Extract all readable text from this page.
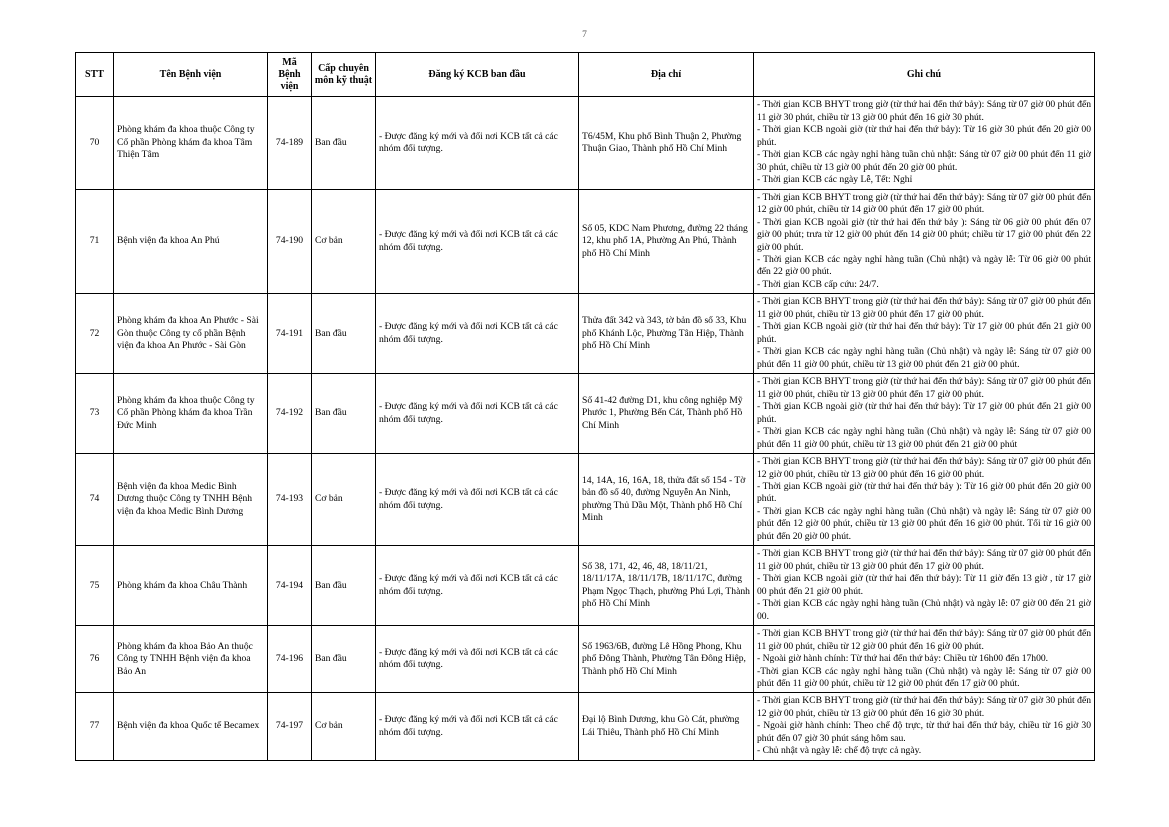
7
STT	Tên Bệnh viện	Mã Bệnh viện	Cấp chuyên môn kỹ thuật	Đăng ký KCB ban đầu	Địa chỉ	Ghi chú
70	Phòng khám đa khoa thuộc Công ty Cổ phần Phòng khám đa khoa Tâm Thiện Tâm	74-189	Ban đầu	- Được đăng ký mới và đổi nơi KCB tất cả các nhóm đối tượng.	T6/45M, Khu phố Bình Thuận 2, Phường Thuận Giao, Thành phố Hồ Chí Minh	- Thời gian KCB BHYT trong giờ (từ thứ hai đến thứ bảy): Sáng từ 07 giờ 00 phút đến 11 giờ 30 phút, chiều từ 13 giờ 00 phút đến 16 giờ 30 phút.
- Thời gian KCB ngoài giờ (từ thứ hai đến thứ bảy): Từ 16 giờ 30 phút đến 20 giờ 00 phút.
- Thời gian KCB các ngày nghỉ hàng tuần chủ nhật: Sáng từ 07 giờ 00 phút đến 11 giờ 30 phút, chiều từ 13 giờ 00 phút đến 20 giờ 00 phút.
- Thời gian KCB các ngày Lễ, Tết: Nghỉ

71	Bệnh viện đa khoa An Phú	74-190	Cơ bản	- Được đăng ký mới và đổi nơi KCB tất cả các nhóm đối tượng.	Số 05, KDC Nam Phương, đường 22 tháng 12, khu phố 1A, Phường An Phú, Thành phố Hồ Chí Minh	- Thời gian KCB BHYT trong giờ (từ thứ hai đến thứ bảy): Sáng từ 07 giờ 00 phút đến 12 giờ 00 phút, chiều từ 14 giờ 00 phút đến 17 giờ 00 phút.
- Thời gian KCB ngoài giờ (từ thứ hai đến thứ bảy ): Sáng từ 06 giờ 00 phút đến 07 giờ 00 phút; trưa từ 12 giờ 00 phút đến 14 giờ 00 phút; chiều từ 17 giờ 00 phút đến 22 giờ 00 phút.
- Thời gian KCB các ngày nghỉ hàng tuần (Chủ nhật) và ngày lễ: Từ 06 giờ 00 phút đến 22 giờ 00 phút.
- Thời gian KCB cấp cứu: 24/7.

72	Phòng khám đa khoa An Phước - Sài Gòn thuộc Công ty cổ phần Bệnh viện đa khoa An Phước - Sài Gòn	74-191	Ban đầu	- Được đăng ký mới và đổi nơi KCB tất cả các nhóm đối tượng.	Thửa đất 342 và 343, tờ bản đồ số 33, Khu phố Khánh Lộc, Phường Tân Hiệp, Thành phố Hồ Chí Minh	- Thời gian KCB BHYT trong giờ (từ thứ hai đến thứ bảy): Sáng từ 07 giờ 00 phút đến 11 giờ 00 phút, chiều từ 13 giờ 00 phút đến 17 giờ 00 phút.
- Thời gian KCB ngoài giờ (từ thứ hai đến thứ bảy): Từ 17 giờ 00 phút đến 21 giờ 00 phút.
- Thời gian KCB các ngày nghỉ hàng tuần (Chủ nhật) và ngày lễ: Sáng từ 07 giờ 00 phút đến 11 giờ 00 phút, chiều từ 13 giờ 00 phút đến 21 giờ 00 phút.

73	Phòng khám đa khoa thuộc Công ty Cổ phần Phòng khám đa khoa Trần Đức Minh	74-192	Ban đầu	- Được đăng ký mới và đổi nơi KCB tất cả các nhóm đối tượng.	Số 41-42 đường D1, khu công nghiệp Mỹ Phước 1, Phường Bến Cát, Thành phố Hồ Chí Minh	- Thời gian KCB BHYT trong giờ (từ thứ hai đến thứ bảy): Sáng từ 07 giờ 00 phút đến 11 giờ 00 phút, chiều từ 13 giờ 00 phút đến 17 giờ 00 phút.
- Thời gian KCB ngoài giờ (từ thứ hai đến thứ bảy): Từ 17 giờ 00 phút đến 21 giờ 00 phút.
- Thời gian KCB các ngày nghỉ hàng tuần (Chủ nhật) và ngày lễ: Sáng từ 07 giờ 00 phút đến 11 giờ 00 phút, chiều từ 13 giờ 00 phút đến 21 giờ 00 phút

74	Bệnh viện đa khoa Medic Bình Dương thuộc Công ty TNHH Bệnh viện đa khoa Medic Bình Dương	74-193	Cơ bản	- Được đăng ký mới và đổi nơi KCB tất cả các nhóm đối tượng.	14, 14A, 16, 16A, 18, thửa đất số 154 - Tờ bản đồ số 40, đường Nguyễn An Ninh, phường Thủ Dầu Một, Thành phố Hồ Chí Minh	- Thời gian KCB BHYT trong giờ (từ thứ hai đến thứ bảy): Sáng từ 07 giờ 00 phút đến 12 giờ 00 phút, chiều từ 13 giờ 00 phút đến 16 giờ 00 phút.
- Thời gian KCB ngoài giờ (từ thứ hai đến thứ bảy ): Từ 16 giờ 00 phút đến 20 giờ 00 phút.
- Thời gian KCB các ngày nghỉ hàng tuần (Chủ nhật) và ngày lễ: Sáng từ 07 giờ 00 phút đến 12 giờ 00 phút, chiều từ 13 giờ 00 phút đến 16 giờ 00 phút. Tối từ 16 giờ 00 phút đến 20 giờ 00 phút.

75	Phòng khám đa khoa Châu Thành	74-194	Ban đầu	- Được đăng ký mới và đổi nơi KCB tất cả các nhóm đối tượng.	Số 38, 171, 42, 46, 48, 18/11/21, 18/11/17A, 18/11/17B, 18/11/17C, đường Phạm Ngọc Thạch, phường Phú Lợi, Thành phố Hồ Chí Minh	- Thời gian KCB BHYT trong giờ (từ thứ hai đến thứ bảy): Sáng từ 07 giờ 00 phút đến 11 giờ 00 phút, chiều từ 13 giờ 00 phút đến 17 giờ 00 phút.
- Thời gian KCB ngoài giờ (từ thứ hai đến thứ bảy): Từ 11 giờ đến 13 giờ , từ 17 giờ 00 phút đến 21 giờ 00 phút.
- Thời gian KCB các ngày nghỉ hàng tuần (Chủ nhật) và ngày lễ: 07 giờ 00 đến 21 giờ 00.

76	Phòng khám đa khoa Bảo An thuộc Công ty TNHH Bệnh viện đa khoa Bảo An	74-196	Ban đầu	- Được đăng ký mới và đổi nơi KCB tất cả các nhóm đối tượng.	Số 1963/6B, đường Lê Hồng Phong, Khu phố Đông Thành, Phường Tân Đông Hiệp, Thành phố Hồ Chí Minh	- Thời gian KCB BHYT trong giờ (từ thứ hai đến thứ bảy): Sáng từ 07 giờ 00 phút đến 11 giờ 00 phút, chiều từ 12 giờ 00 phút đến 16 giờ 00 phút.
- Ngoài giờ hành chính: Từ thứ hai đến thứ bảy: Chiều từ 16h00 đến 17h00.
-Thời gian KCB các ngày nghỉ hàng tuần (Chủ nhật) và ngày lễ: Sáng từ 07 giờ 00 phút đến 11 giờ 00 phút, chiều từ 12 giờ 00 phút đến 17 giờ 00 phút.

77	Bệnh viện đa khoa Quốc tế Becamex	74-197	Cơ bản	- Được đăng ký mới và đổi nơi KCB tất cả các nhóm đối tượng.	Đại lộ Bình Dương, khu Gò Cát, phường Lái Thiêu, Thành phố Hồ Chí Minh	- Thời gian KCB BHYT trong giờ (từ thứ hai đến thứ bảy): Sáng từ 07 giờ 30 phút đến 12 giờ 00 phút, chiều từ 13 giờ 00 phút đến 16 giờ 30 phút.
- Ngoài giờ hành chính: Theo chế độ trực, từ thứ hai đến thứ bảy, chiều từ 16 giờ 30 phút đến 07 giờ 30 phút sáng hôm sau.
- Chủ nhật và ngày lễ: chế độ trực cả ngày.
